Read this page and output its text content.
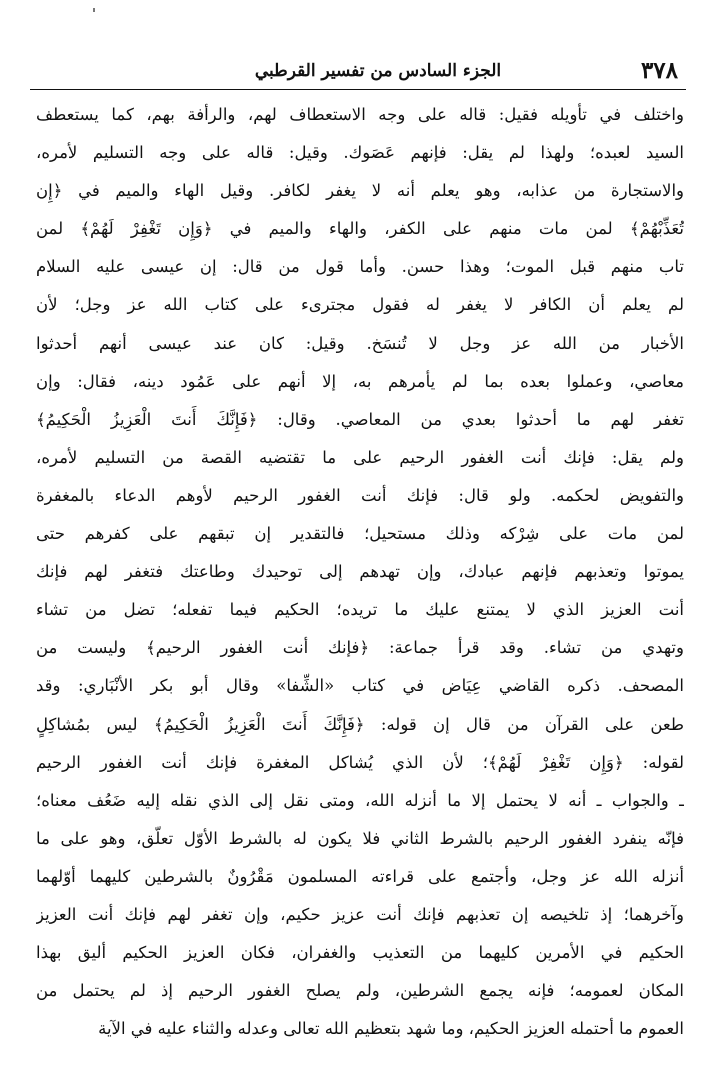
٣٧٨
الجزء السادس من تفسير القرطبي
واختلف في تأويله فقيل: قاله على وجه الاستعطاف لهم، والرأفة بهم، كما يستعطف
السيد لعبده؛ ولهذا لم يقل: فإنهم عَصَوك. وقيل: قاله على وجه التسليم لأمره،
والاستجارة من عذابه، وهو يعلم أنه لا يغفر لكافر. وقيل الهاء والميم في ﴿إِن
تُعَذِّبْهُمْ﴾ لمن مات منهم على الكفر، والهاء والميم في ﴿وَإِن تَغْفِرْ لَهُمْ﴾ لمن
تاب منهم قبل الموت؛ وهذا حسن. وأما قول من قال: إن عيسى عليه السلام
لم يعلم أن الكافر لا يغفر له فقول مجترىء على كتاب الله عز وجل؛ لأن
الأخبار من الله عز وجل لا تُنسَخ. وقيل: كان عند عيسى أنهم أحدثوا
معاصي، وعملوا بعده بما لم يأمرهم به، إلا أنهم على عَمُود دينه، فقال: وإن
تغفر لهم ما أحدثوا بعدي من المعاصي. وقال: ﴿فَإِنَّكَ أَنتَ الْعَزِيزُ الْحَكِيمُ﴾
ولم يقل: فإنك أنت الغفور الرحيم على ما تقتضيه القصة من التسليم لأمره،
والتفويض لحكمه. ولو قال: فإنك أنت الغفور الرحيم لأوهم الدعاء بالمغفرة
لمن مات على شِرْكه وذلك مستحيل؛ فالتقدير إن تبقهم على كفرهم حتى
يموتوا وتعذبهم فإنهم عبادك، وإن تهدهم إلى توحيدك وطاعتك فتغفر لهم فإنك
أنت العزيز الذي لا يمتنع عليك ما تريده؛ الحكيم فيما تفعله؛ تضل من تشاء
وتهدي من تشاء. وقد قرأ جماعة: ﴿فإنك أنت الغفور الرحيم﴾ وليست من
المصحف. ذكره القاضي عِيَاض في كتاب «الشِّفا» وقال أبو بكر الأنْبَاري: وقد
طعن على القرآن من قال إن قوله: ﴿فَإِنَّكَ أَنتَ الْعَزِيزُ الْحَكِيمُ﴾ ليس بمُشاكِلٍ
لقوله: ﴿وَإِن تَغْفِرْ لَهُمْ﴾؛ لأن الذي يُشاكل المغفرة فإنك أنت الغفور الرحيم
ـ والجواب ـ أنه لا يحتمل إلا ما أنزله الله، ومتى نقل إلى الذي نقله إليه ضَعُف معناه؛
فإنّه ينفرد الغفور الرحيم بالشرط الثاني فلا يكون له بالشرط الأوّل تعلّق، وهو على ما
أنزله الله عز وجل، وأجتمع على قراءته المسلمون مَقْرُونٌ بالشرطين كليهما أوّلهما
وآخرهما؛ إذ تلخيصه إن تعذبهم فإنك أنت عزيز حكيم، وإن تغفر لهم فإنك أنت العزيز
الحكيم في الأمرين كليهما من التعذيب والغفران، فكان العزيز الحكيم أليق بهذا
المكان لعمومه؛ فإنه يجمع الشرطين، ولم يصلح الغفور الرحيم إذ لم يحتمل من
العموم ما أحتمله العزيز الحكيم، وما شهد بتعظيم الله تعالى وعدله والثناء عليه في الآية
